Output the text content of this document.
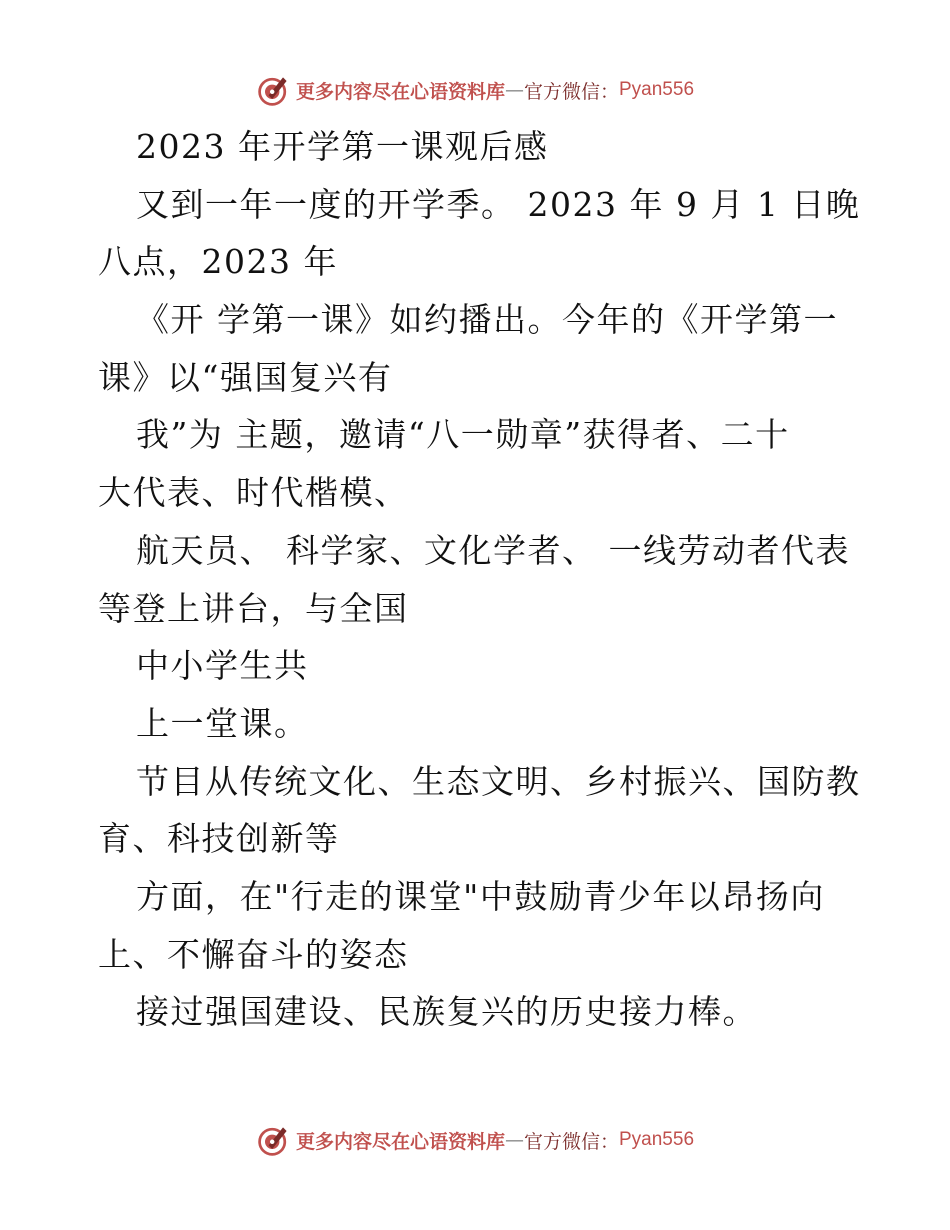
更多内容尽在心语资料库 — 官方微信： Pyan556
2023 年开学第一课观后感
又到一年一度的开学季。 2023 年 9 月 1 日晚
八点，2023 年
《开 学第一课》如约播出。今年的《开学第一
课》以“强国复兴有
我”为 主题，邀请“八一勋章”获得者、二十
大代表、时代楷模、
航天员、 科学家、文化学者、 一线劳动者代表
等登上讲台，与全国
中小学生共
上一堂课。
节目从传统文化、生态文明、乡村振兴、国防教
育、科技创新等
方面，在"行走的课堂"中鼓励青少年以昂扬向
上、不懈奋斗的姿态
接过强国建设、民族复兴的历史接力棒。
更多内容尽在心语资料库 — 官方微信： Pyan556
